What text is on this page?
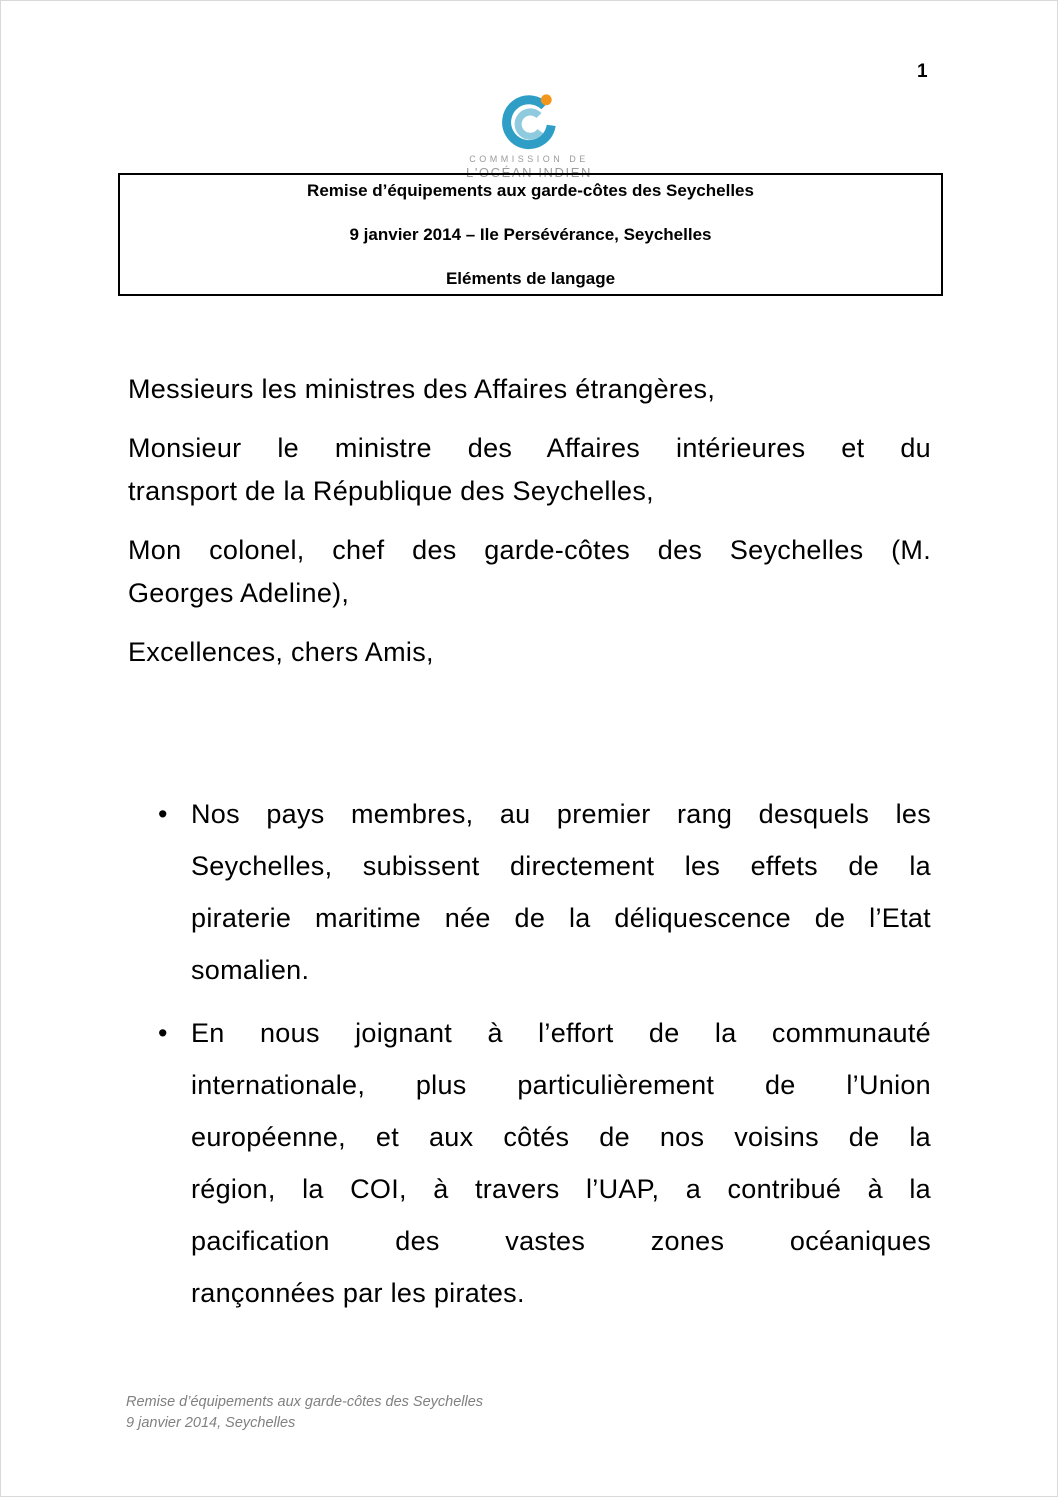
1
COMMISSION DE
L'OCÉAN INDIEN
Remise d’équipements aux garde-côtes des Seychelles
9 janvier 2014 – Ile Persévérance, Seychelles
Eléments de langage
Messieurs les ministres des Affaires étrangères,
Monsieur le ministre des Affaires intérieures et du
transport de la République des Seychelles,
Mon colonel, chef des garde-côtes des Seychelles (M.
Georges Adeline),
Excellences, chers Amis,
• Nos pays membres, au premier rang desquels les
Seychelles, subissent directement les effets de la
piraterie maritime née de la déliquescence de l’Etat
somalien.
• En nous joignant à l’effort de la communauté
internationale, plus particulièrement de l’Union
européenne, et aux côtés de nos voisins de la
région, la COI, à travers l’UAP, a contribué à la
pacification des vastes zones océaniques
rançonnées par les pirates.
Remise d’équipements aux garde-côtes des Seychelles
9 janvier 2014, Seychelles
